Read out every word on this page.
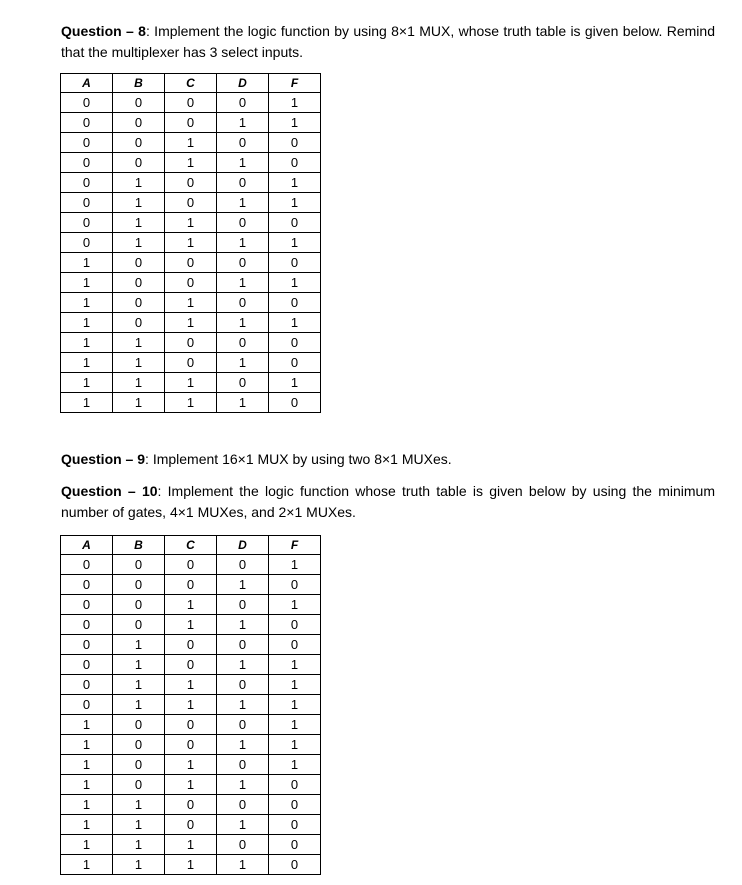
Question – 8: Implement the logic function by using 8×1 MUX, whose truth table is given below. Remind that the multiplexer has 3 select inputs.
A	B	C	D	F
0	0	0	0	1
0	0	0	1	1
0	0	1	0	0
0	0	1	1	0
0	1	0	0	1
0	1	0	1	1
0	1	1	0	0
0	1	1	1	1
1	0	0	0	0
1	0	0	1	1
1	0	1	0	0
1	0	1	1	1
1	1	0	0	0
1	1	0	1	0
1	1	1	0	1
1	1	1	1	0
Question – 9: Implement 16×1 MUX by using two 8×1 MUXes.
Question – 10: Implement the logic function whose truth table is given below by using the minimum number of gates, 4×1 MUXes, and 2×1 MUXes.
A	B	C	D	F
0	0	0	0	1
0	0	0	1	0
0	0	1	0	1
0	0	1	1	0
0	1	0	0	0
0	1	0	1	1
0	1	1	0	1
0	1	1	1	1
1	0	0	0	1
1	0	0	1	1
1	0	1	0	1
1	0	1	1	0
1	1	0	0	0
1	1	0	1	0
1	1	1	0	0
1	1	1	1	0
